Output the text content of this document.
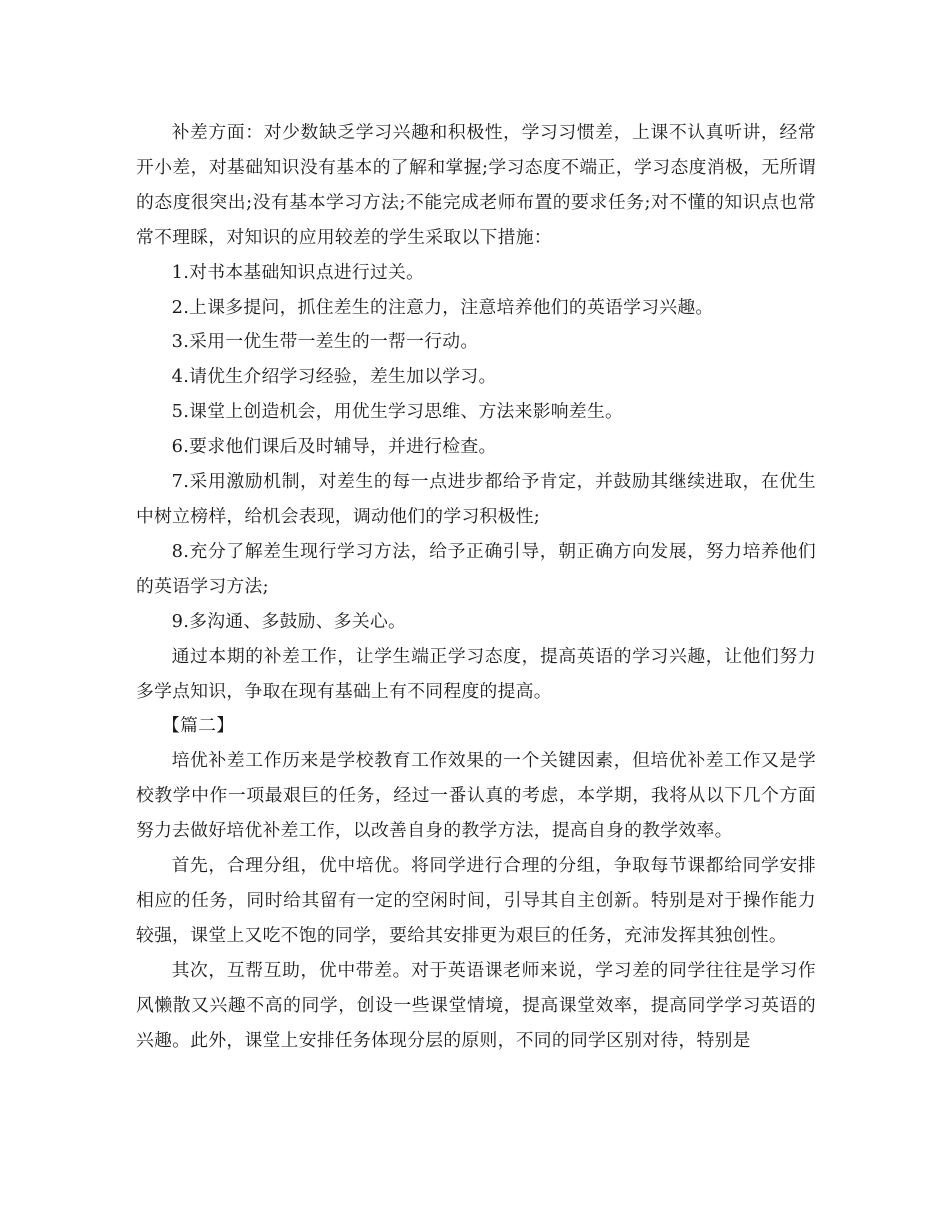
补差方面：对少数缺乏学习兴趣和积极性，学习习惯差，上课不认真听讲，经常开小差，对基础知识没有基本的了解和掌握;学习态度不端正，学习态度消极，无所谓的态度很突出;没有基本学习方法;不能完成老师布置的要求任务;对不懂的知识点也常常不理睬，对知识的应用较差的学生采取以下措施：

1.对书本基础知识点进行过关。

2.上课多提问，抓住差生的注意力，注意培养他们的英语学习兴趣。

3.采用一优生带一差生的一帮一行动。

4.请优生介绍学习经验，差生加以学习。

5.课堂上创造机会，用优生学习思维、方法来影响差生。

6.要求他们课后及时辅导，并进行检查。

7.采用激励机制，对差生的每一点进步都给予肯定，并鼓励其继续进取，在优生中树立榜样，给机会表现，调动他们的学习积极性;

8.充分了解差生现行学习方法，给予正确引导，朝正确方向发展，努力培养他们的英语学习方法;

9.多沟通、多鼓励、多关心。

通过本期的补差工作，让学生端正学习态度，提高英语的学习兴趣，让他们努力多学点知识，争取在现有基础上有不同程度的提高。

【篇二】

培优补差工作历来是学校教育工作效果的一个关键因素，但培优补差工作又是学校教学中作一项最艰巨的任务，经过一番认真的考虑，本学期，我将从以下几个方面努力去做好培优补差工作，以改善自身的教学方法，提高自身的教学效率。

首先，合理分组，优中培优。将同学进行合理的分组，争取每节课都给同学安排相应的任务，同时给其留有一定的空闲时间，引导其自主创新。特别是对于操作能力较强，课堂上又吃不饱的同学，要给其安排更为艰巨的任务，充沛发挥其独创性。

其次，互帮互助，优中带差。对于英语课老师来说，学习差的同学往往是学习作风懒散又兴趣不高的同学，创设一些课堂情境，提高课堂效率，提高同学学习英语的兴趣。此外，课堂上安排任务体现分层的原则，不同的同学区别对待，特别是
